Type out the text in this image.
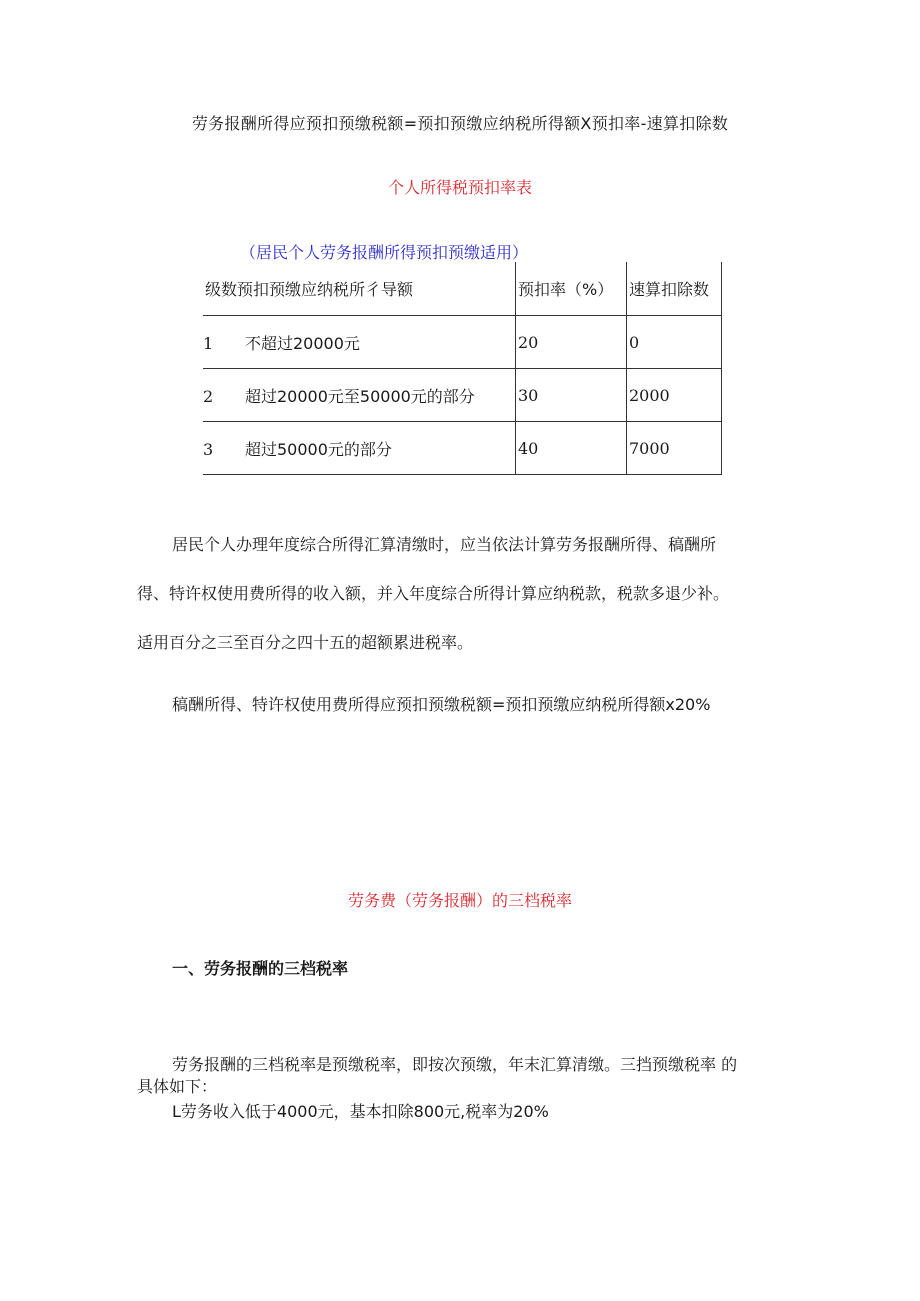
劳务报酬所得应预扣预缴税额=预扣预缴应纳税所得额X预扣率-速算扣除数
个人所得税预扣率表
（居民个人劳务报酬所得预扣预缴适用）
级数预扣预缴应纳税所彳导额	预扣率（%）	速算扣除数
1 不超过20000元	20	0
2 超过20000元至50000元的部分	30	2000
3 超过50000元的部分	40	7000
居民个人办理年度综合所得汇算清缴时，应当依法计算劳务报酬所得、稿酬所
得、特许权使用费所得的收入额，并入年度综合所得计算应纳税款，税款多退少补。
适用百分之三至百分之四十五的超额累进税率。
稿酬所得、特许权使用费所得应预扣预缴税额=预扣预缴应纳税所得额x20%
劳务费（劳务报酬）的三档税率
一、劳务报酬的三档税率
劳务报酬的三档税率是预缴税率，即按次预缴，年末汇算清缴。三挡预缴税率 的
具体如下：
L劳务收入低于4000元，基本扣除800元,税率为20%
